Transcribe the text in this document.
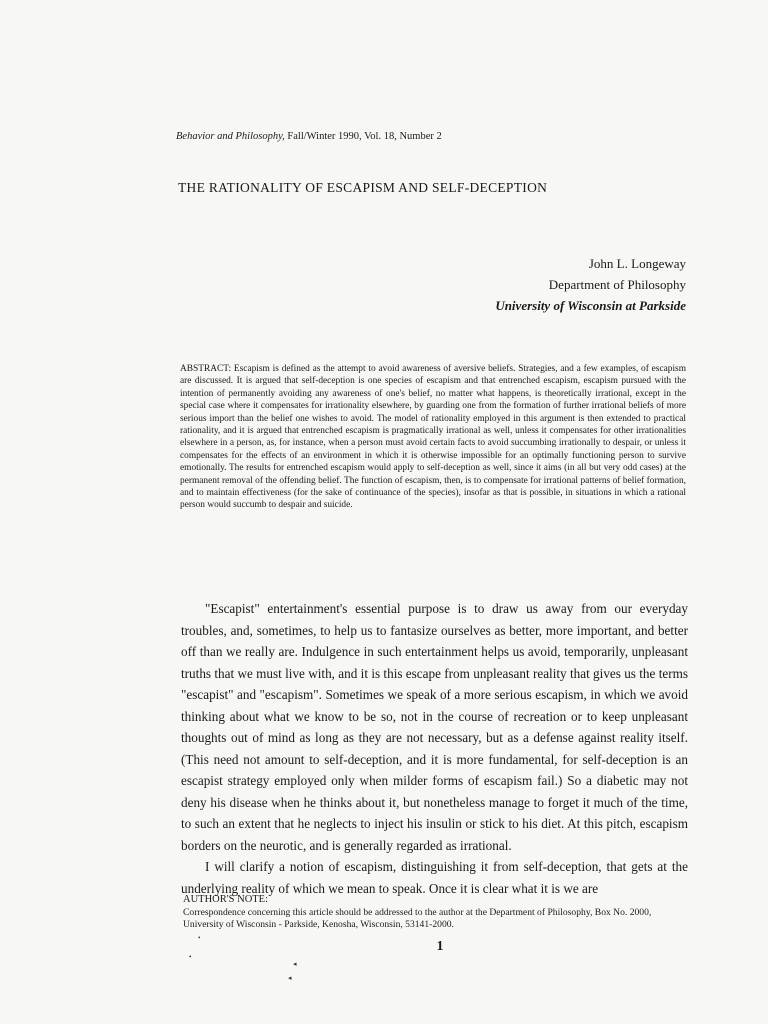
Behavior and Philosophy, Fall/Winter 1990, Vol. 18, Number 2
THE RATIONALITY OF ESCAPISM AND SELF-DECEPTION
John L. Longeway
Department of Philosophy
University of Wisconsin at Parkside
ABSTRACT: Escapism is defined as the attempt to avoid awareness of aversive beliefs. Strategies, and a few examples, of escapism are discussed. It is argued that self-deception is one species of escapism and that entrenched escapism, escapism pursued with the intention of permanently avoiding any awareness of one's belief, no matter what happens, is theoretically irrational, except in the special case where it compensates for irrationality elsewhere, by guarding one from the formation of further irrational beliefs of more serious import than the belief one wishes to avoid. The model of rationality employed in this argument is then extended to practical rationality, and it is argued that entrenched escapism is pragmatically irrational as well, unless it compensates for other irrationalities elsewhere in a person, as, for instance, when a person must avoid certain facts to avoid succumbing irrationally to despair, or unless it compensates for the effects of an environment in which it is otherwise impossible for an optimally functioning person to survive emotionally. The results for entrenched escapism would apply to self-deception as well, since it aims (in all but very odd cases) at the permanent removal of the offending belief. The function of escapism, then, is to compensate for irrational patterns of belief formation, and to maintain effectiveness (for the sake of continuance of the species), insofar as that is possible, in situations in which a rational person would succumb to despair and suicide.

"Escapist" entertainment's essential purpose is to draw us away from our everyday troubles, and, sometimes, to help us to fantasize ourselves as better, more important, and better off than we really are. Indulgence in such entertainment helps us avoid, temporarily, unpleasant truths that we must live with, and it is this escape from unpleasant reality that gives us the terms "escapist" and "escapism". Sometimes we speak of a more serious escapism, in which we avoid thinking about what we know to be so, not in the course of recreation or to keep unpleasant thoughts out of mind as long as they are not necessary, but as a defense against reality itself. (This need not amount to self-deception, and it is more fundamental, for self-deception is an escapist strategy employed only when milder forms of escapism fail.) So a diabetic may not deny his disease when he thinks about it, but nonetheless manage to forget it much of the time, to such an extent that he neglects to inject his insulin or stick to his diet. At this pitch, escapism borders on the neurotic, and is generally regarded as irrational.

I will clarify a notion of escapism, distinguishing it from self-deception, that gets at the underlying reality of which we mean to speak. Once it is clear what it is we are

AUTHOR'S NOTE:
Correspondence concerning this article should be addressed to the author at the Department of Philosophy, Box No. 2000, University of Wisconsin - Parkside, Kenosha, Wisconsin, 53141-2000.
1
•
•
◂
◂
